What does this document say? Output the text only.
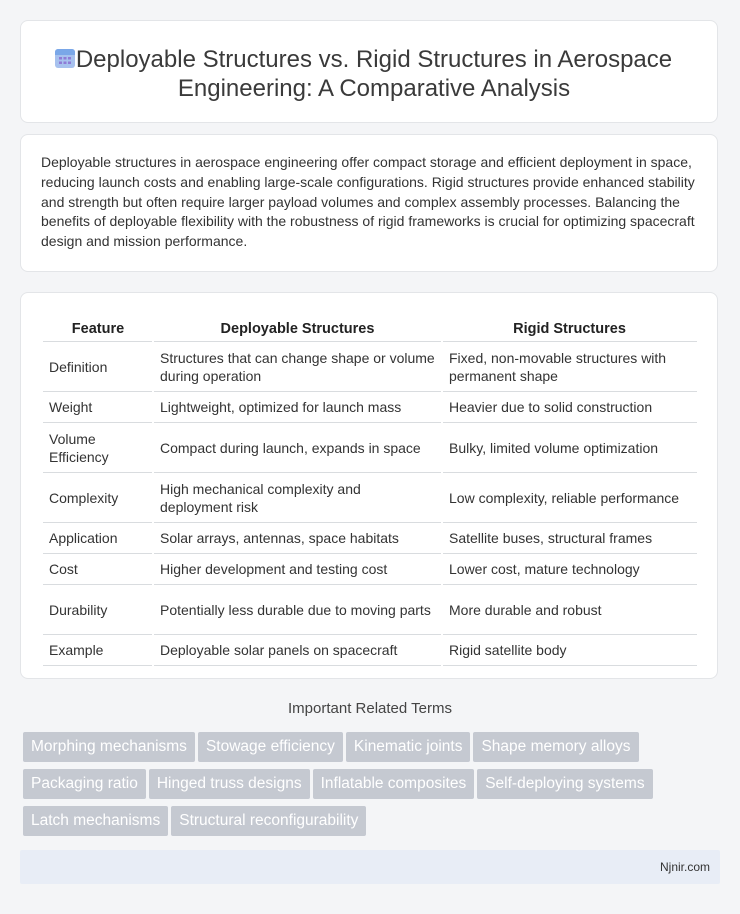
Deployable Structures vs. Rigid Structures in Aerospace Engineering: A Comparative Analysis
Deployable structures in aerospace engineering offer compact storage and efficient deployment in space, reducing launch costs and enabling large-scale configurations. Rigid structures provide enhanced stability and strength but often require larger payload volumes and complex assembly processes. Balancing the benefits of deployable flexibility with the robustness of rigid frameworks is crucial for optimizing spacecraft design and mission performance.
Feature	Deployable Structures	Rigid Structures
Definition	Structures that can change shape or volume during operation	Fixed, non-movable structures with permanent shape
Weight	Lightweight, optimized for launch mass	Heavier due to solid construction
Volume Efficiency	Compact during launch, expands in space	Bulky, limited volume optimization
Complexity	High mechanical complexity and deployment risk	Low complexity, reliable performance
Application	Solar arrays, antennas, space habitats	Satellite buses, structural frames
Cost	Higher development and testing cost	Lower cost, mature technology
Durability	Potentially less durable due to moving parts	More durable and robust
Example	Deployable solar panels on spacecraft	Rigid satellite body
Important Related Terms
Morphing mechanisms Stowage efficiency Kinematic joints Shape memory alloysPackaging ratio Hinged truss designs Inflatable composites Self-deploying systemsLatch mechanisms Structural reconfigurability
Njnir.com
